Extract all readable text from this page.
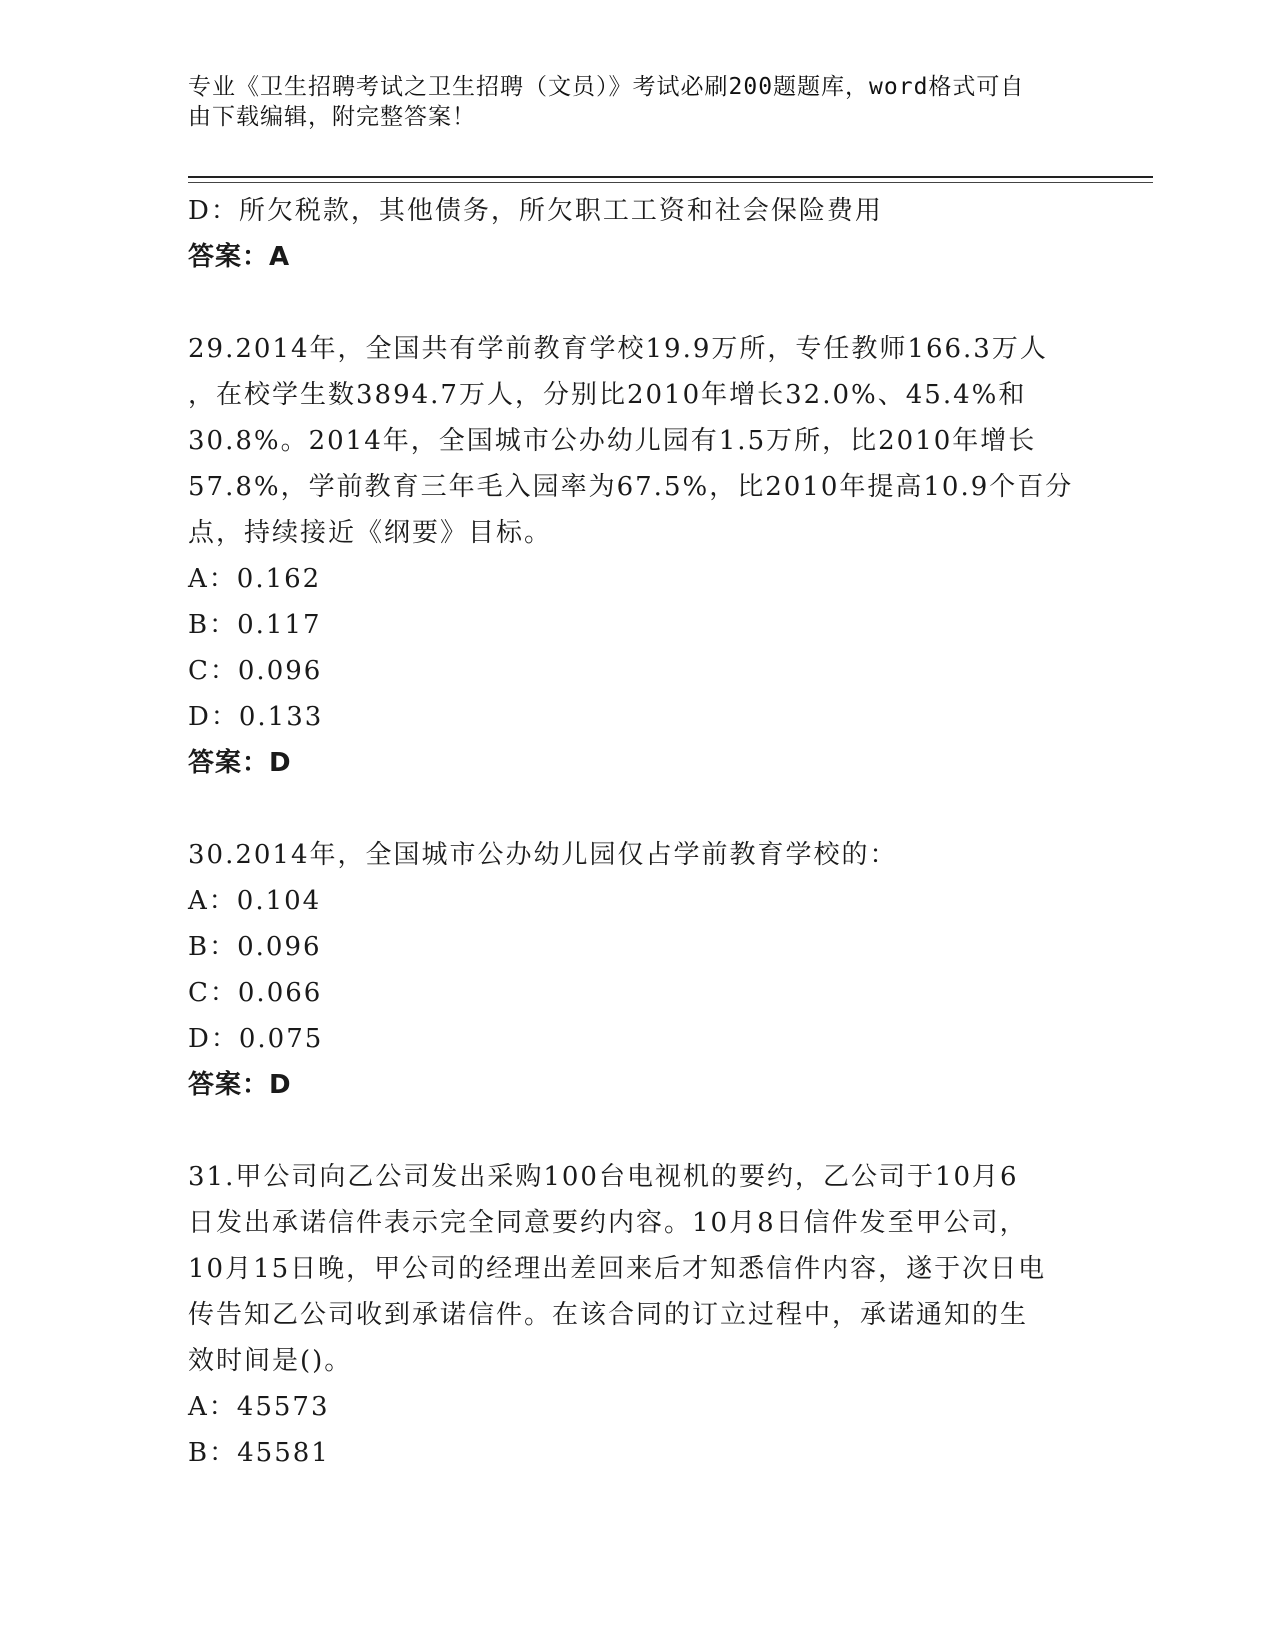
专业《卫生招聘考试之卫生招聘（文员）》考试必刷200题题库，word格式可自
由下载编辑，附完整答案！
D：所欠税款，其他债务，所欠职工工资和社会保险费用
答案：A
29.2014年，全国共有学前教育学校19.9万所，专任教师166.3万人
，在校学生数3894.7万人，分别比2010年增长32.0%、45.4%和
30.8%。2014年，全国城市公办幼儿园有1.5万所，比2010年增长
57.8%，学前教育三年毛入园率为67.5%，比2010年提高10.9个百分
点，持续接近《纲要》目标。
A：0.162
B：0.117
C：0.096
D：0.133
答案：D
30.2014年，全国城市公办幼儿园仅占学前教育学校的：
A：0.104
B：0.096
C：0.066
D：0.075
答案：D
31.甲公司向乙公司发出采购100台电视机的要约，乙公司于10月6
日发出承诺信件表示完全同意要约内容。10月8日信件发至甲公司，
10月15日晚，甲公司的经理出差回来后才知悉信件内容，遂于次日电
传告知乙公司收到承诺信件。在该合同的订立过程中，承诺通知的生
效时间是()。
A：45573
B：45581
